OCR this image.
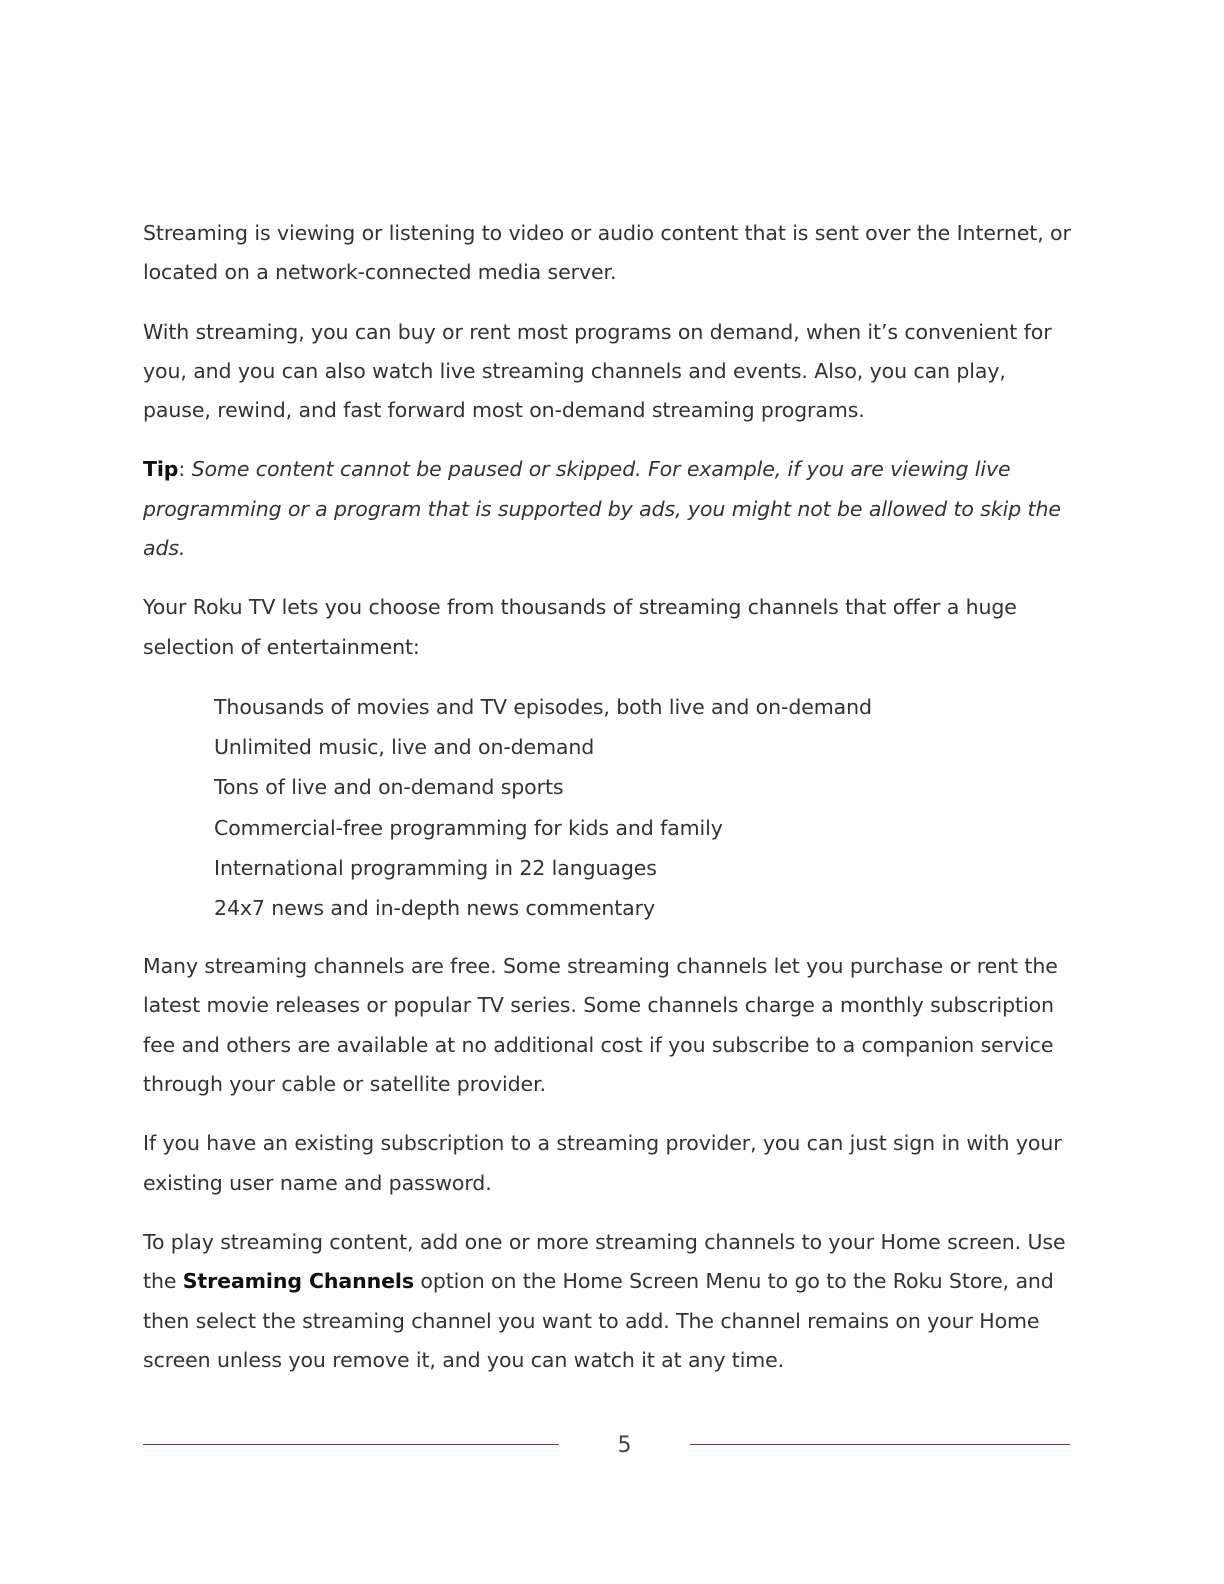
Streaming is viewing or listening to video or audio content that is sent over the Internet, or located on a network-connected media server.

With streaming, you can buy or rent most programs on demand, when it’s convenient for you, and you can also watch live streaming channels and events. Also, you can play, pause, rewind, and fast forward most on-demand streaming programs.

Tip: Some content cannot be paused or skipped. For example, if you are viewing live programming or a program that is supported by ads, you might not be allowed to skip the ads.

Your Roku TV lets you choose from thousands of streaming channels that offer a huge selection of entertainment:

Thousands of movies and TV episodes, both live and on-demand
Unlimited music, live and on-demand
Tons of live and on-demand sports
Commercial-free programming for kids and family
International programming in 22 languages
24x7 news and in-depth news commentary

Many streaming channels are free. Some streaming channels let you purchase or rent the latest movie releases or popular TV series. Some channels charge a monthly subscription fee and others are available at no additional cost if you subscribe to a companion service through your cable or satellite provider.

If you have an existing subscription to a streaming provider, you can just sign in with your existing user name and password.

To play streaming content, add one or more streaming channels to your Home screen. Use the Streaming Channels option on the Home Screen Menu to go to the Roku Store, and then select the streaming channel you want to add. The channel remains on your Home screen unless you remove it, and you can watch it at any time.

5
